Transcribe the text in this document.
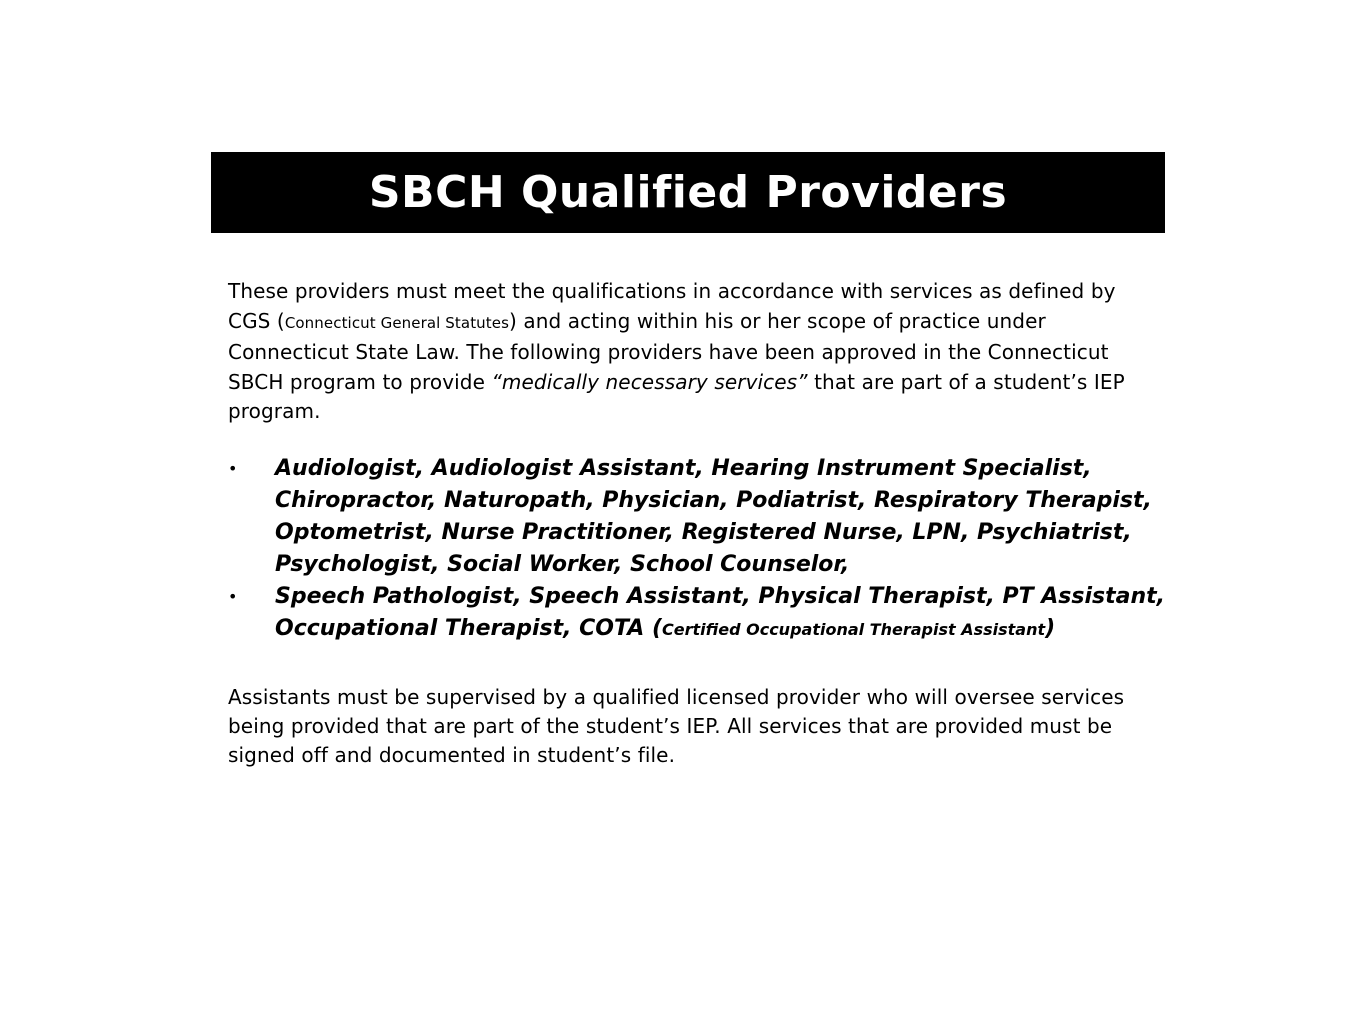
SBCH Qualified Providers

These providers must meet the qualifications in accordance with services as defined by CGS (Connecticut General Statutes) and acting within his or her scope of practice under Connecticut State Law. The following providers have been approved in the Connecticut SBCH program to provide “medically necessary services” that are part of a student’s IEP program.

• Audiologist, Audiologist Assistant, Hearing Instrument Specialist, Chiropractor, Naturopath, Physician, Podiatrist, Respiratory Therapist, Optometrist, Nurse Practitioner, Registered Nurse, LPN, Psychiatrist, Psychologist, Social Worker, School Counselor,
• Speech Pathologist, Speech Assistant, Physical Therapist, PT Assistant, Occupational Therapist, COTA (Certified Occupational Therapist Assistant)

Assistants must be supervised by a qualified licensed provider who will oversee services being provided that are part of the student’s IEP. All services that are provided must be signed off and documented in student’s file.
